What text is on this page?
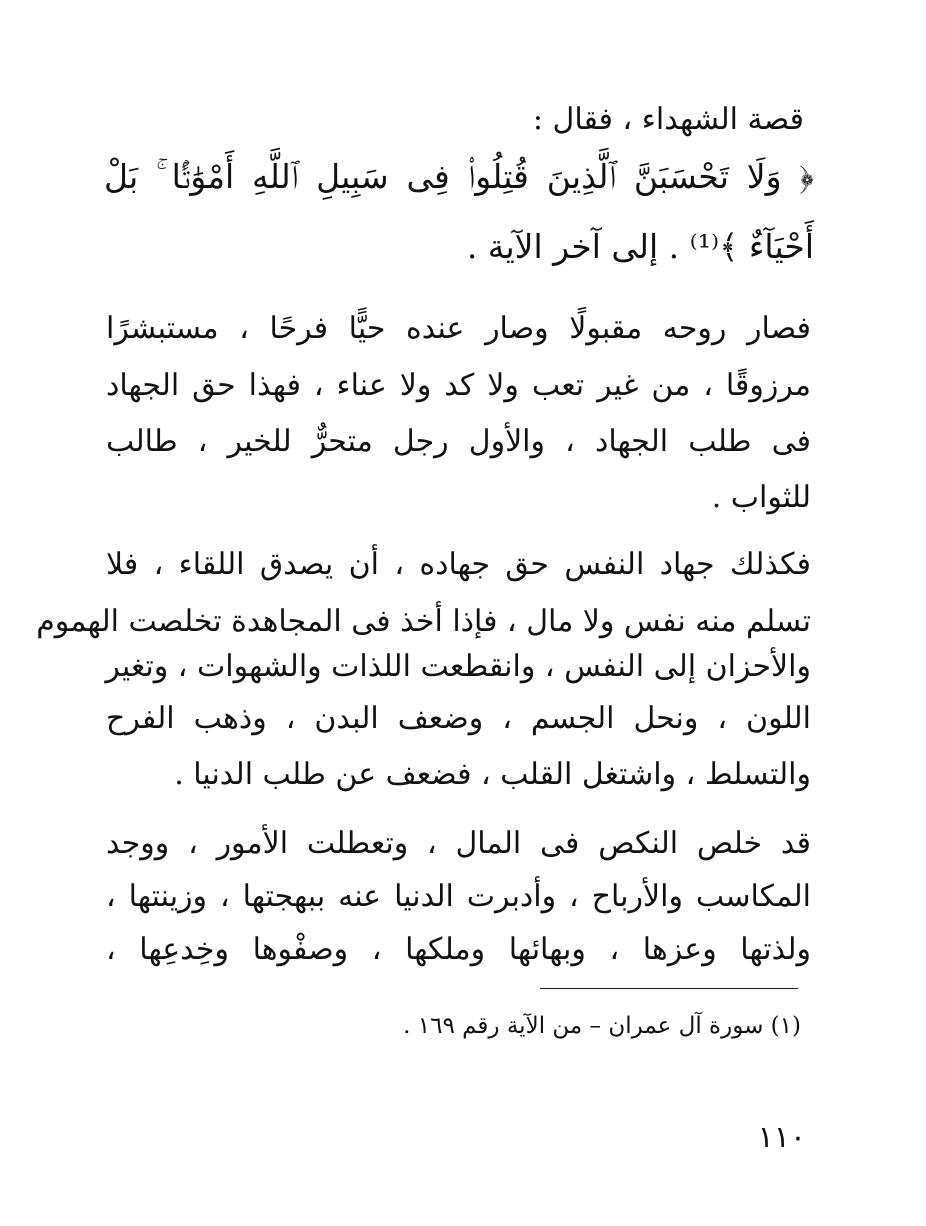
قصة الشهداء ، فقال :
﴿ وَلَا تَحْسَبَنَّ ٱلَّذِينَ قُتِلُوا۟ فِى سَبِيلِ ٱللَّهِ أَمْوَٰتًۢا ۚ بَلْ
أَحْيَآءٌ ﴾⁽¹⁾ . إلى آخر الآية .
فصار روحه مقبولًا وصار عنده حيًّا فرحًا ، مستبشرًا
مرزوقًا ، من غير تعب ولا كد ولا عناء ، فهذا حق الجهاد
فى طلب الجهاد ، والأول رجل متحرٌّ للخير ، طالب
للثواب .
فكذلك جهاد النفس حق جهاده ، أن يصدق اللقاء ، فلا
تسلم منه نفس ولا مال ، فإذا أخذ فى المجاهدة تخلصت الهموم
والأحزان إلى النفس ، وانقطعت اللذات والشهوات ، وتغير
اللون ، ونحل الجسم ، وضعف البدن ، وذهب الفرح
والتسلط ، واشتغل القلب ، فضعف عن طلب الدنيا .
قد خلص النكص فى المال ، وتعطلت الأمور ، ووجد
المكاسب والأرباح ، وأدبرت الدنيا عنه ببهجتها ، وزينتها ،
ولذتها وعزها ، وبهائها وملكها ، وصفْوها وخِدعِها ،
(١) سورة آل عمران – من الآية رقم ١٦٩ .
١١٠
